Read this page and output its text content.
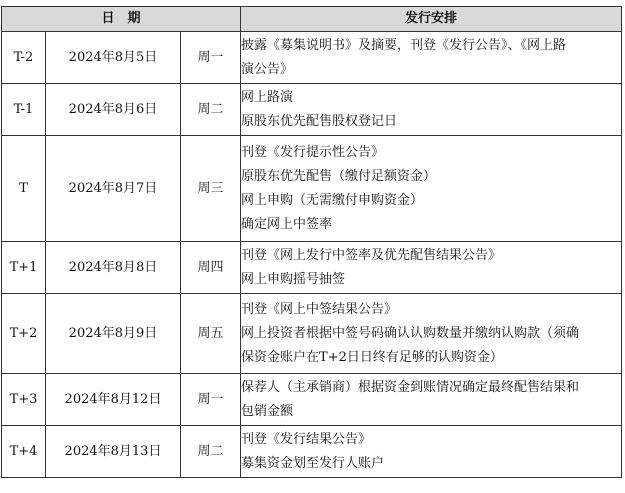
日　期			发行安排
T-2	2024年8月5日	周一	披露《募集说明书》及摘要，刊登《发行公告》、《网上路
演公告》

T-1	2024年8月6日	周二	网上路演
原股东优先配售股权登记日

T	2024年8月7日	周三	刊登《发行提示性公告》
原股东优先配售（缴付足额资金）
网上申购（无需缴付申购资金）
确定网上中签率

T+1	2024年8月8日	周四	刊登《网上发行中签率及优先配售结果公告》
网上申购摇号抽签

T+2	2024年8月9日	周五	刊登《网上中签结果公告》
网上投资者根据中签号码确认认购数量并缴纳认购款（须确
保资金账户在T+2日日终有足够的认购资金）

T+3	2024年8月12日	周一	保荐人（主承销商）根据资金到账情况确定最终配售结果和
包销金额

T+4	2024年8月13日	周二	刊登《发行结果公告》
募集资金划至发行人账户
